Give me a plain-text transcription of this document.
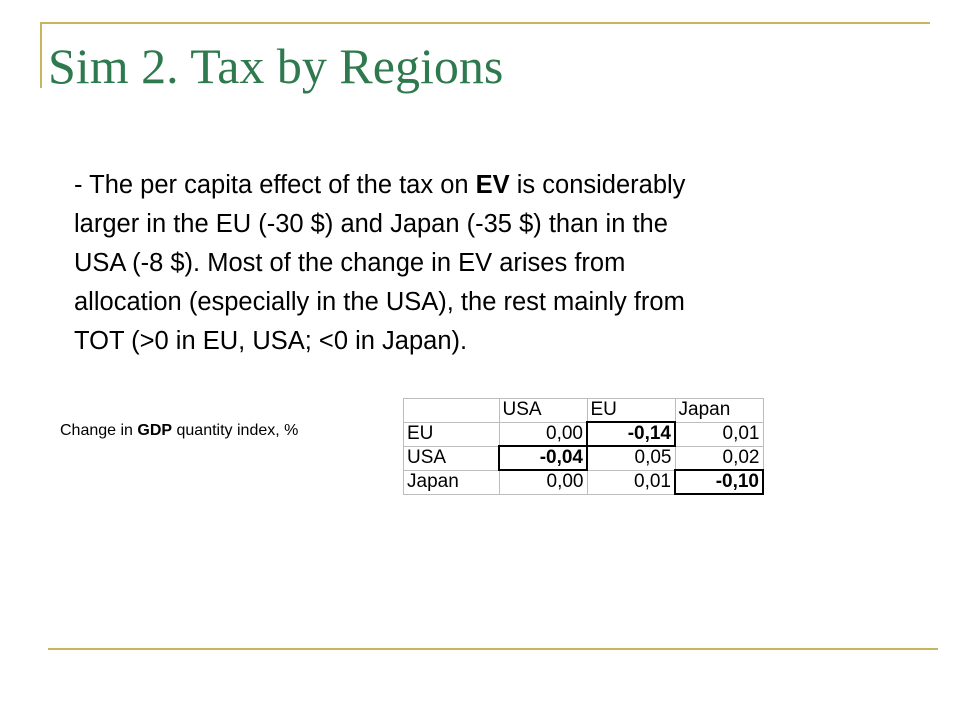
Sim 2. Tax by Regions
- The per capita effect of the tax on EV is considerably
larger in the EU (-30 $) and Japan (-35 $) than in the
USA (-8 $). Most of the change in EV arises from
allocation (especially in the USA), the rest mainly from
TOT (>0 in EU, USA; <0 in Japan).
Change in GDP quantity index, %
	USA	EU	Japan
EU	0,00	-0,14	0,01
USA	-0,04	0,05	0,02
Japan	0,00	0,01	-0,10
